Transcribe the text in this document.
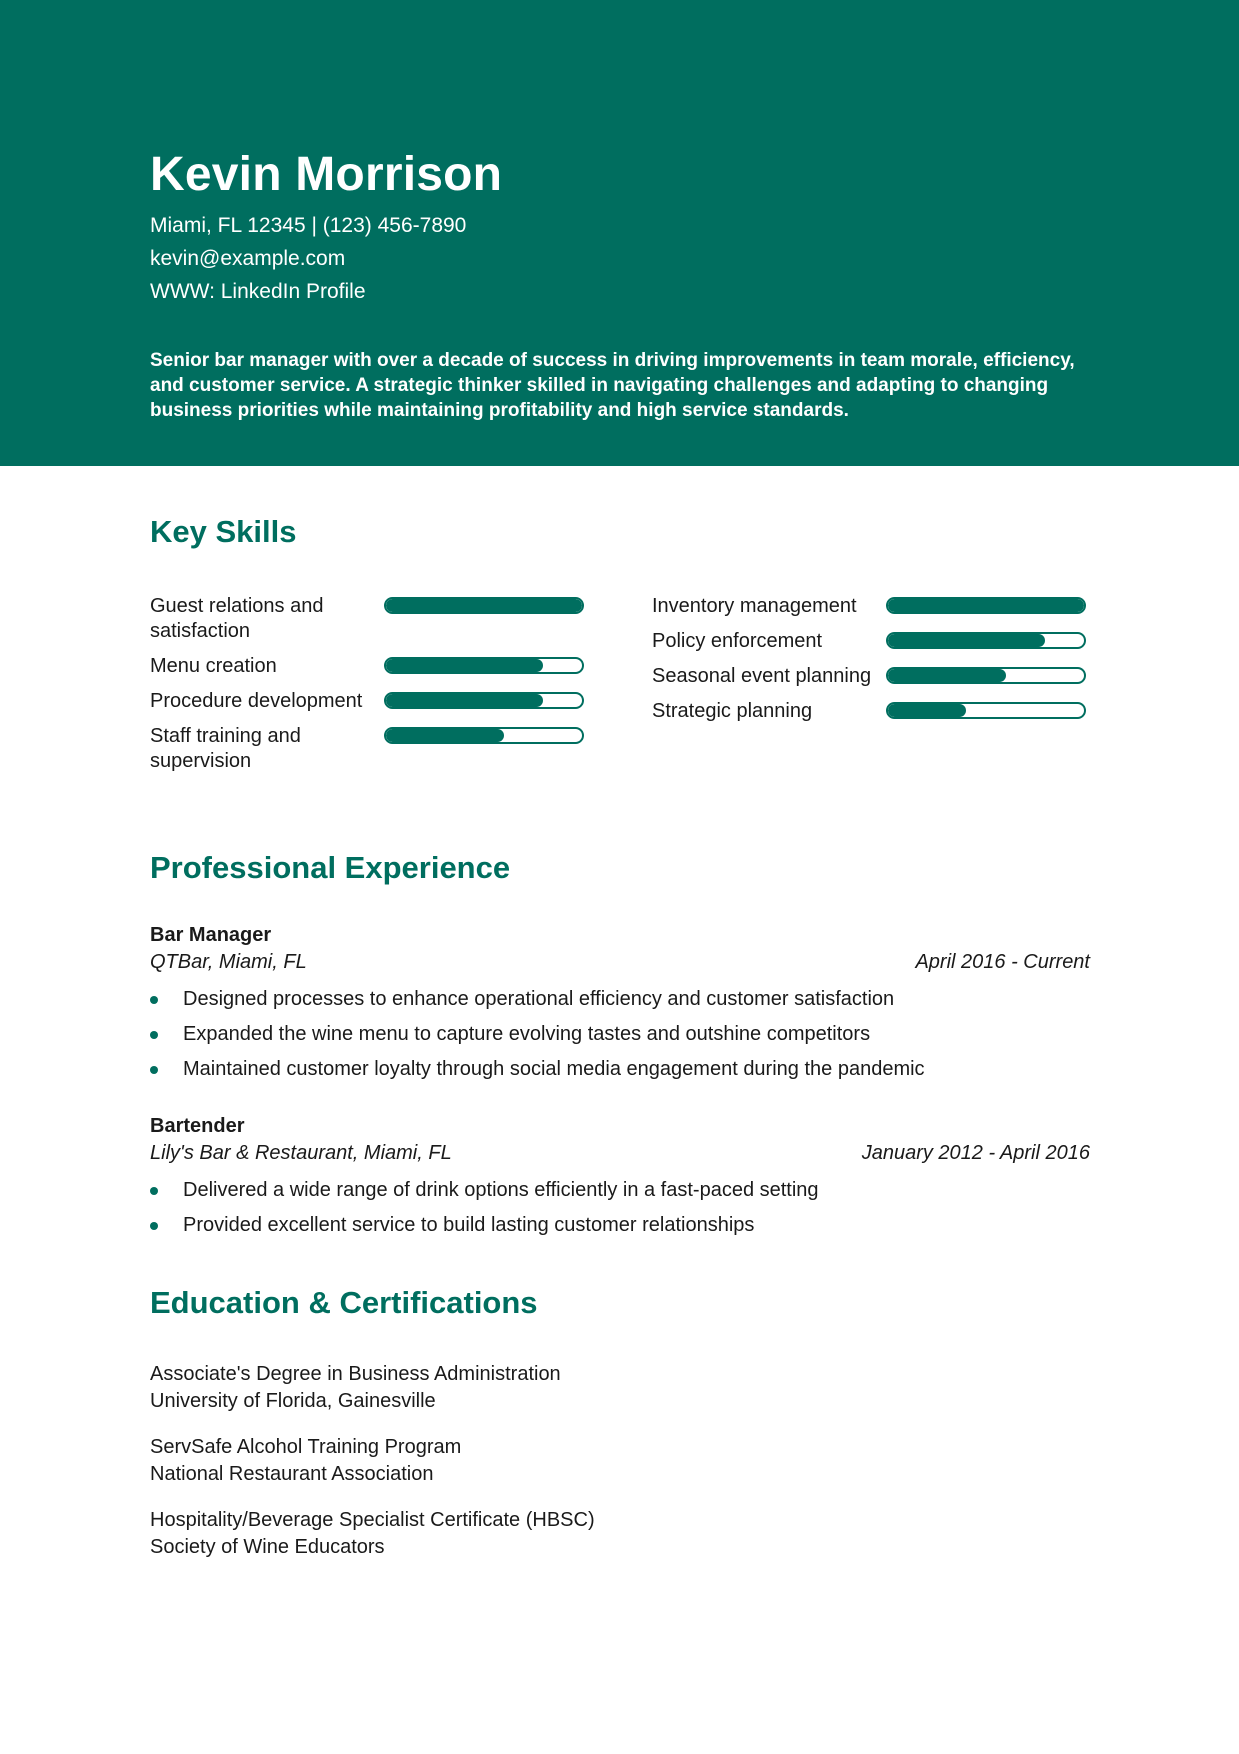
Kevin Morrison

Miami, FL 12345 | (123) 456-7890

kevin@example.com

WWW: LinkedIn Profile

Senior bar manager with over a decade of success in driving improvements in team morale, efficiency, and customer service. A strategic thinker skilled in navigating challenges and adapting to changing business priorities while maintaining profitability and high service standards.
Key Skills
Guest relations and satisfaction
Menu creation
Procedure development
Staff training and supervision
Inventory management
Policy enforcement
Seasonal event planning
Strategic planning
Professional Experience
Bar Manager
QTBar, Miami, FL	April 2016 - Current
Designed processes to enhance operational efficiency and customer satisfaction
Expanded the wine menu to capture evolving tastes and outshine competitors
Maintained customer loyalty through social media engagement during the pandemic
Bartender
Lily's Bar & Restaurant, Miami, FL	January 2012 - April 2016
Delivered a wide range of drink options efficiently in a fast-paced setting
Provided excellent service to build lasting customer relationships
Education & Certifications
Associate's Degree in Business Administration
University of Florida, Gainesville
ServSafe Alcohol Training Program
National Restaurant Association
Hospitality/Beverage Specialist Certificate (HBSC)
Society of Wine Educators
